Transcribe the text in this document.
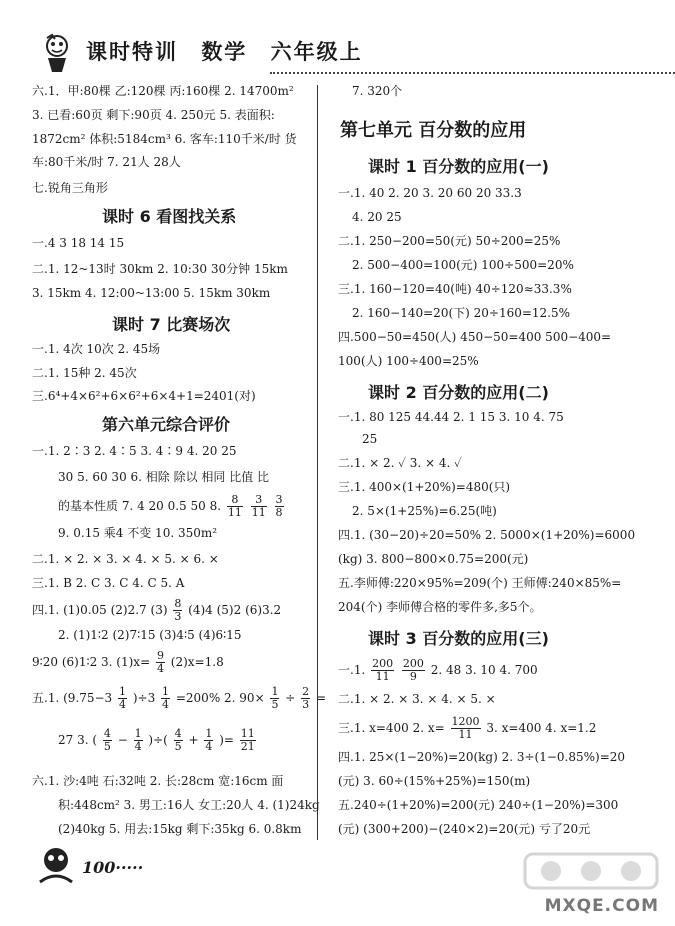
课时特训 数学 六年级上
六.1．甲:80棵 乙:120棵 丙:160棵 2. 14700m²
3. 已看:60页 剩下:90页 4. 250元 5. 表面积:
1872cm² 体积:5184cm³ 6. 客车:110千米/时 货
车:80千米/时 7. 21人 28人
七.锐角三角形
课时 6 看图找关系
一.4 3 18 14 15
二.1. 12~13时 30km 2. 10:30 30分钟 15km
3. 15km 4. 12:00~13:00 5. 15km 30km
课时 7 比赛场次
一.1. 4次 10次 2. 45场
二.1. 15种 2. 45次
三.6⁴+4×6²+6×6²+6×4+1=2401(对)
第六单元综合评价
一.1. 2∶3 2. 4∶5 3. 4∶9 4. 20 25
30 5. 60 30 6. 相除 除以 相同 比值 比
的基本性质 7. 4 20 0.5 50 8. $\frac{8}{11}$
$\frac{3}{11}$
$\frac{3}{8}$
9. 0.15 乘4 不变 10. 350m²
二.1. × 2. × 3. × 4. × 5. × 6. ×
三.1. B 2. C 3. C 4. C 5. A
四.1. (1)0.05 (2)2.7 $(3) \frac{8}{3} (4)4$ (5)2 (6)3.2
2. (1)1∶2 (2)7∶15 (3)4∶5 (4)6∶15
9∶20 (6)1∶2 3. $(1)x= \frac{9}{4} (2)x=1.8$
五.1. $(9.75-3 \frac{1}{4} )\div 3 \frac{1}{4} =200\%$ 2. $90\times \frac{1}{5} \div \frac{2}{3}$ =
27 3. ( $\frac{4}{5} - \frac{1}{4}$ )÷( $\frac{4}{5} + \frac{1}{4}$ )= $\frac{11}{21}$
六.1. 沙:4吨 石:32吨 2. 长:28cm 宽:16cm 面
积:448cm² 3. 男工:16人 女工:20人 4. (1)24kg
(2)40kg 5. 用去:15kg 剩下:35kg 6. 0.8km
7. 320个
第七单元 百分数的应用
课时 1 百分数的应用(一)
一.1. 40 2. 20 3. 20 60 20 33.3
4. 20 25
二.1. 250−200=50(元) 50÷200=25%
2. 500−400=100(元) 100÷500=20%
三.1. 160−120=40(吨) 40÷120≈33.3%
2. 160−140=20(下) 20÷160=12.5%
四.500−50=450(人) 450−50=400 500−400=
100(人) 100÷400=25%
课时 2 百分数的应用(二)
一.1. 80 125 44.44 2. 1 15 3. 10 4. 75
25
二.1. × 2. ✓ 3. × 4. ✓
三.1. 400×(1+20%)=480(只)
2. 5×(1+25%)=6.25(吨)
四.1. (30−20)÷20=50% 2. 5000×(1+20%)=6000
(kg) 3. 800−800×0.75=200(元)
五.李师傅:220×95%=209(个) 王师傅:240×85%=
204(个) 李师傅合格的零件多,多5个。
课时 3 百分数的应用(三)
一.1. $\frac{200}{11}$
$\frac{200}{9} 2$. 48 3. 10 4. 700
二.1. × 2. × 3. × 4. × 5. ×
三.1. x=400 2. $x= \frac{1200}{11} 3$. x=400 4. x=1.2
四.1. 25×(1−20%)=20(kg) 2. 3÷(1−0.85%)=20
(元) 3. 60÷(15%+25%)=150(m)
五.240÷(1+20%)=200(元) 240÷(1−20%)=300
(元) (300+200)−(240×2)=20(元) 亏了20元
100·····
MXQE.COM
